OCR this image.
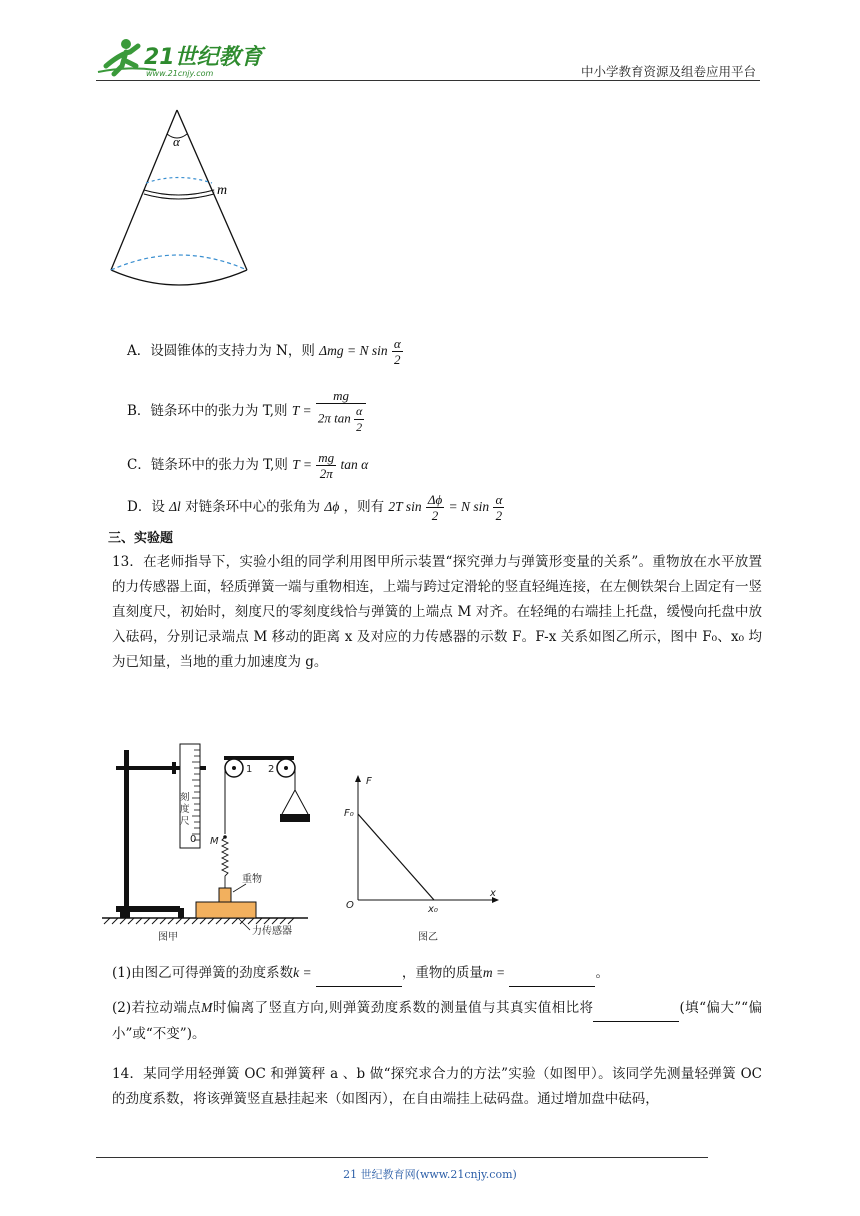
21世纪教育
www.21cnjy.com	中小学教育资源及组卷应用平台
α
m
A．设圆锥体的支持力为 N，则 Δmg = N $\sin \frac{\alpha}{2}$
B．链条环中的张力为 T,则 $T = \frac{mg}{2\pi \tan \frac{\alpha}{2}}$
C．链条环中的张力为 T,则 $T = \frac{mg}{2\pi}$ tan α
D．设 Δl 对链条环中心的张角为 Δϕ ，则有 2T $\sin \frac{\Delta\phi}{2} = N$ $\sin \frac{\alpha}{2}$
三、实验题

13．在老师指导下，实验小组的同学利用图甲所示装置“探究弹力与弹簧形变量的关系”。重物放在水平放置的力传感器上面，轻质弹簧一端与重物相连，上端与跨过定滑轮的竖直轻绳连接，在左侧铁架台上固定有一竖直刻度尺，初始时，刻度尺的零刻度线恰与弹簧的上端点 M 对齐。在轻绳的右端挂上托盘，缓慢向托盘中放入砝码，分别记录端点 M 移动的距离 x 及对应的力传感器的示数 F。F-x 关系如图乙所示，图中 F₀、x₀ 均为已知量，当地的重力加速度为 g。

刻度尺
0
1 2
M
重物
力传感器
图甲
F
x
O
F₀
x₀
图乙
(1)由图乙可得弹簧的劲度系数k =	，重物的质量m =	。
(2)若拉动端点M时偏离了竖直方向,则弹簧劲度系数的测量值与其真实值相比将	(填“偏大”“偏小”或“不变”)。

14．某同学用轻弹簧 OC 和弹簧秤 a 、b 做“探究求合力的方法”实验（如图甲）。该同学先测量轻弹簧 OC 的劲度系数，将该弹簧竖直悬挂起来（如图丙），在自由端挂上砝码盘。通过增加盘中砝码，

21 世纪教育网(www.21cnjy.com)
